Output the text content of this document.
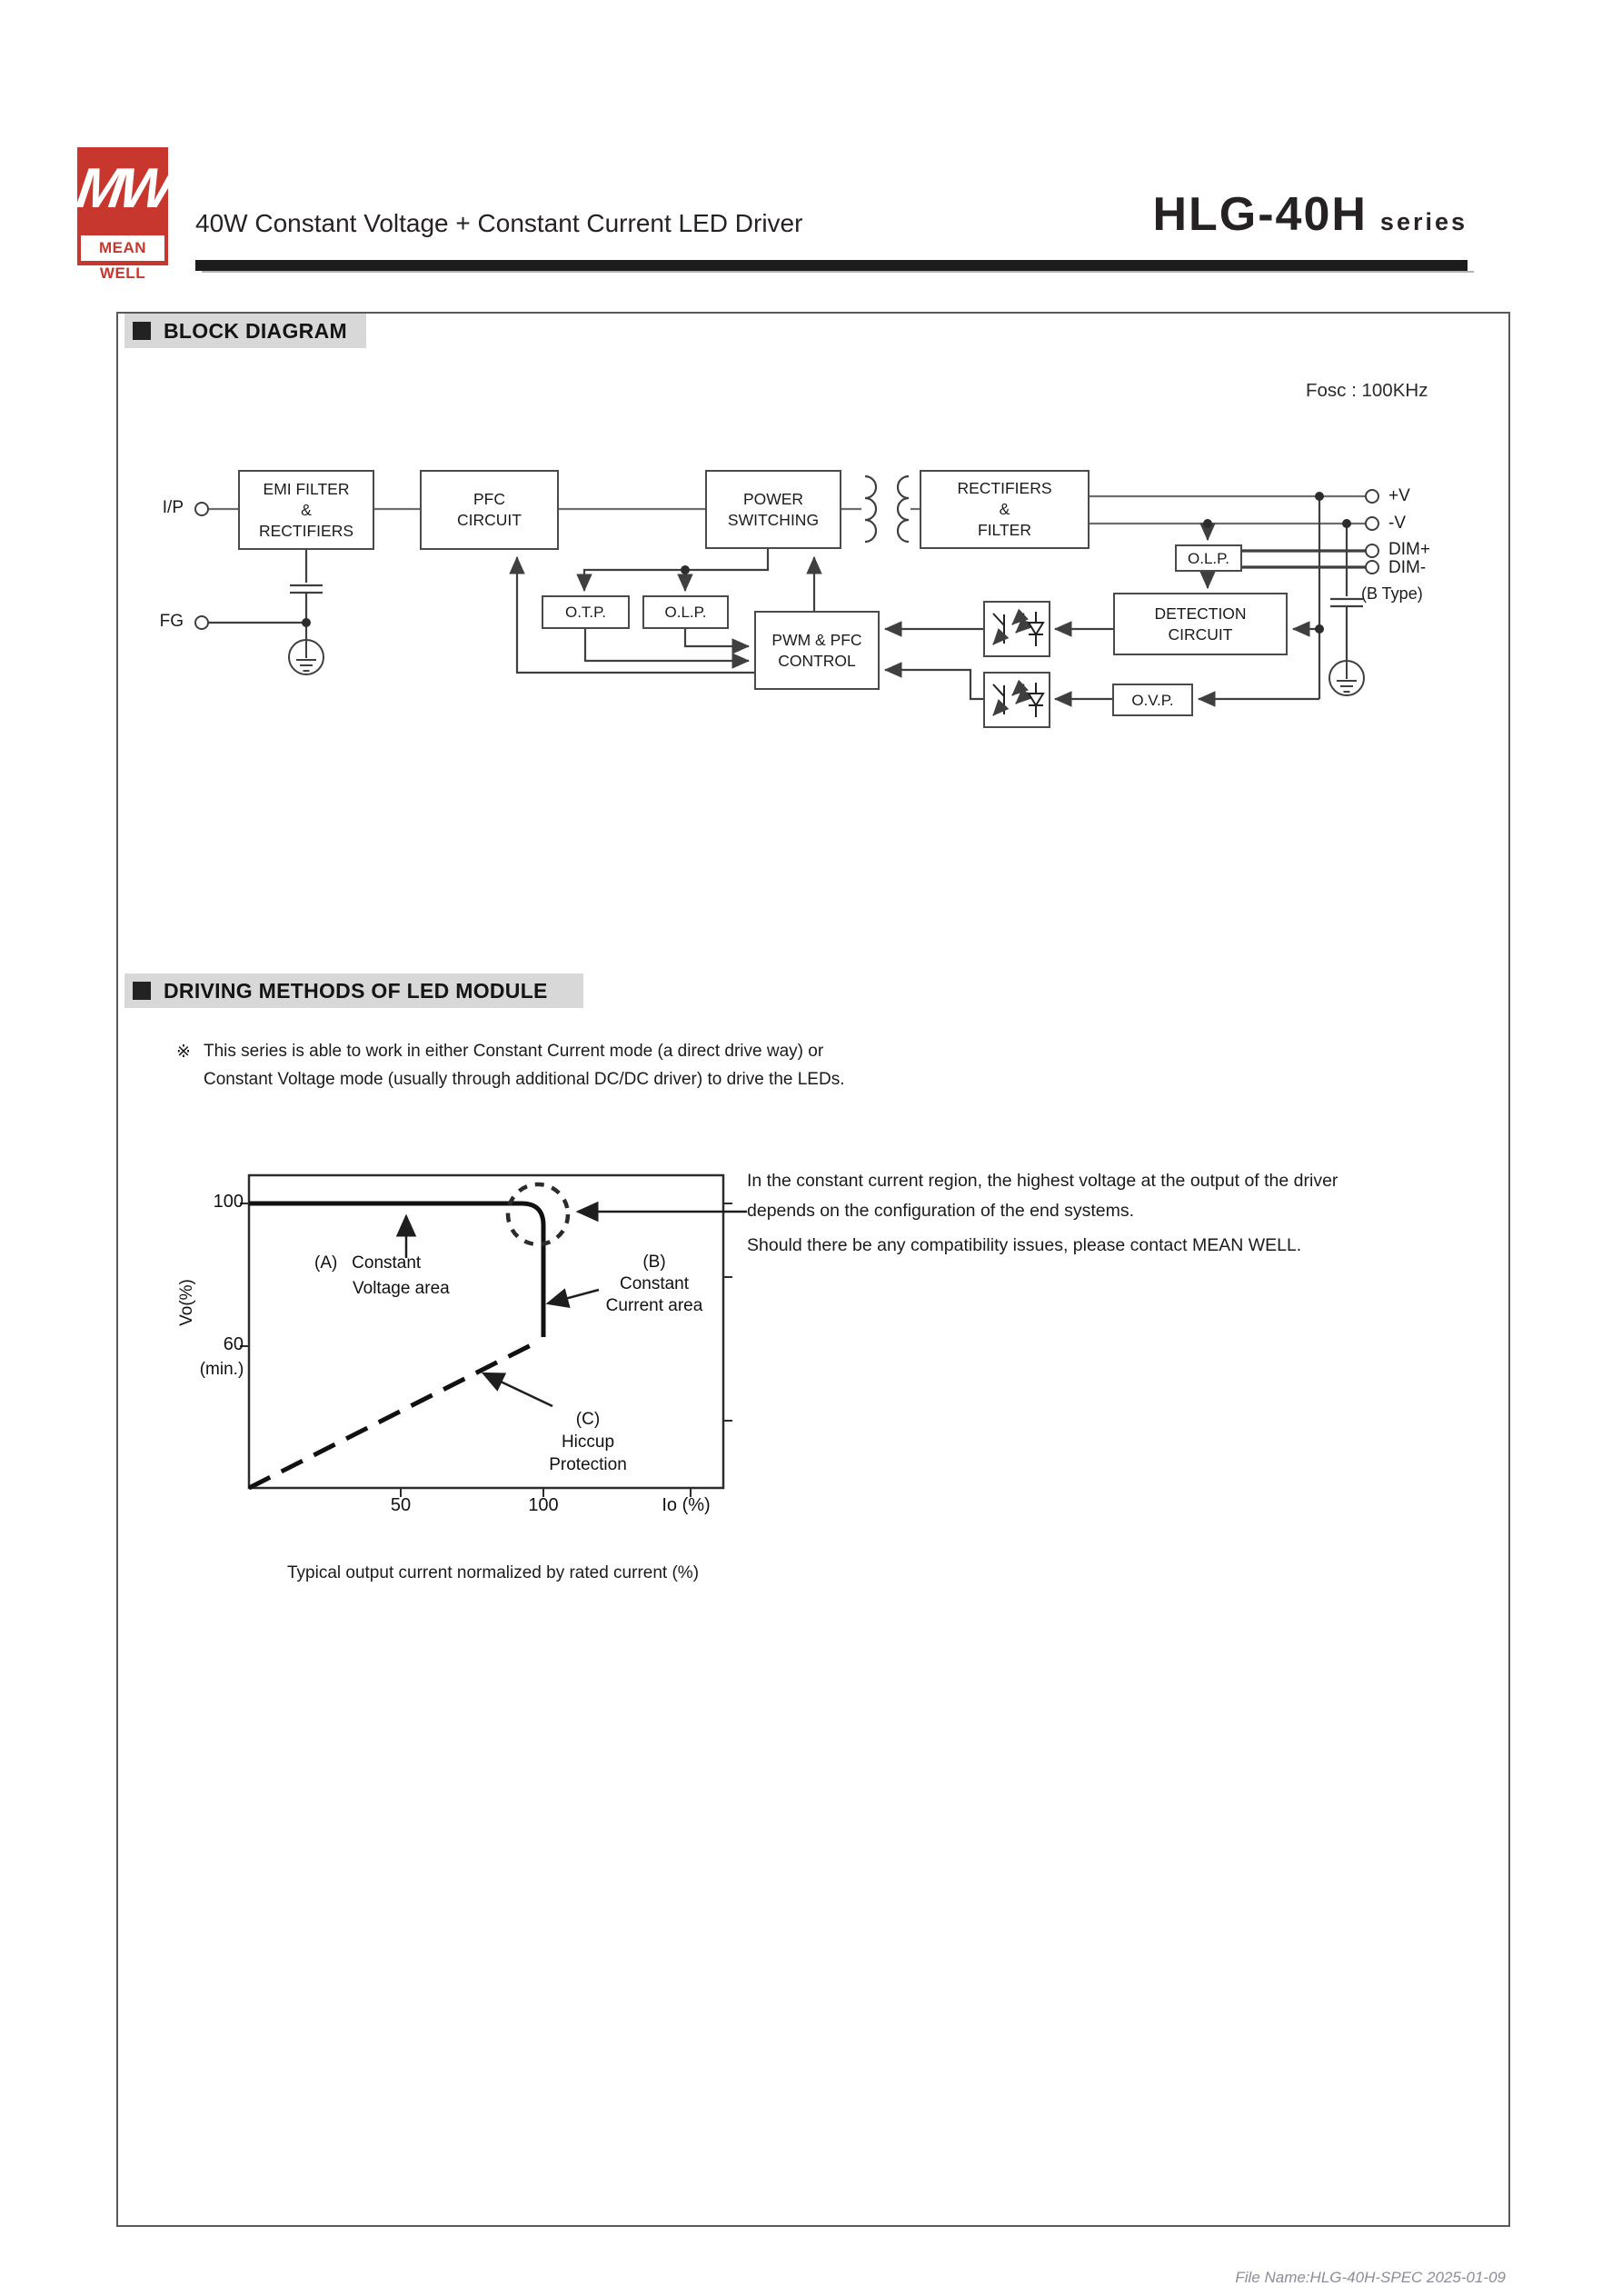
MW
MEAN WELL
40W Constant Voltage + Constant Current LED Driver	HLG-40H series
BLOCK DIAGRAM
Fosc : 100KHz
EMI FILTER
&
RECTIFIERS
PFC
CIRCUIT
POWER
SWITCHING
RECTIFIERS
&
FILTER
O.T.P.	O.L.P.
PWM & PFC
CONTROL
O.L.P.
DETECTION
CIRCUIT
O.V.P.
I/P
FG
+V
-V
DIM+
DIM-
(B Type)
DRIVING METHODS OF LED MODULE
※ This series is able to work in either Constant Current mode (a direct drive way) or
Constant Voltage mode (usually through additional DC/DC driver) to drive the LEDs.
100
60
(min.)
Vo(%)
50	100	Io (%)
(A)   Constant
Voltage area
(B)
Constant
Current area
(C)
Hiccup
Protection
In the constant current region, the highest voltage at the output of the driver
depends on the configuration of the end systems.
Should there be any compatibility issues, please contact MEAN WELL.
Typical output current normalized by rated current (%)
File Name:HLG-40H-SPEC 2025-01-09
